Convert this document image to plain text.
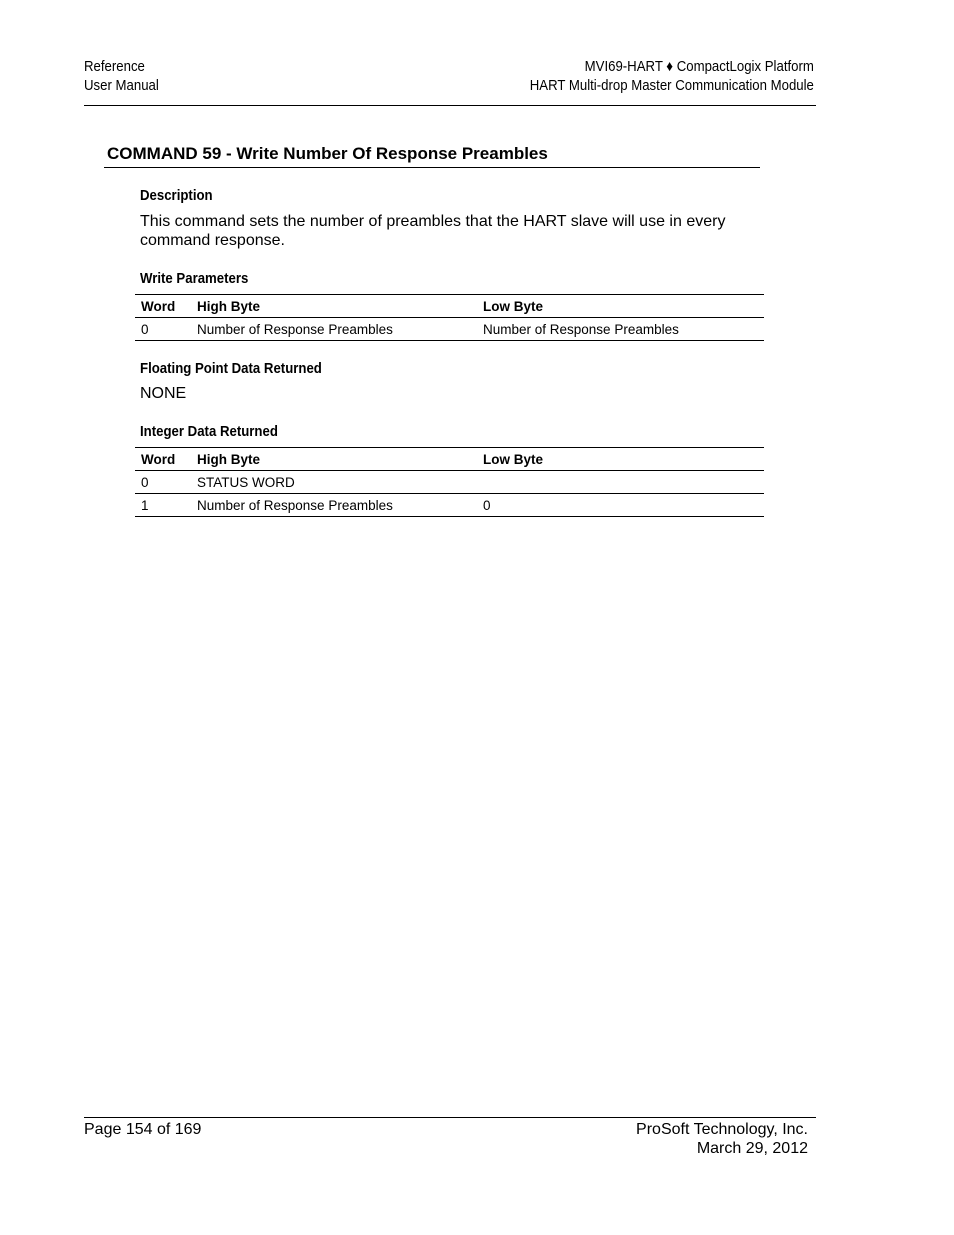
Reference
User Manual
MVI69-HART ♦ CompactLogix Platform
HART Multi-drop Master Communication Module
COMMAND 59 - Write Number Of Response Preambles
Description
This command sets the number of preambles that the HART slave will use in every command response.
Write Parameters
Word	High Byte	Low Byte
0	Number of Response Preambles	Number of Response Preambles
Floating Point Data Returned
NONE
Integer Data Returned
Word	High Byte	Low Byte
0	STATUS WORD	
1	Number of Response Preambles	0
Page 154 of 169	ProSoft Technology, Inc.
March 29, 2012
